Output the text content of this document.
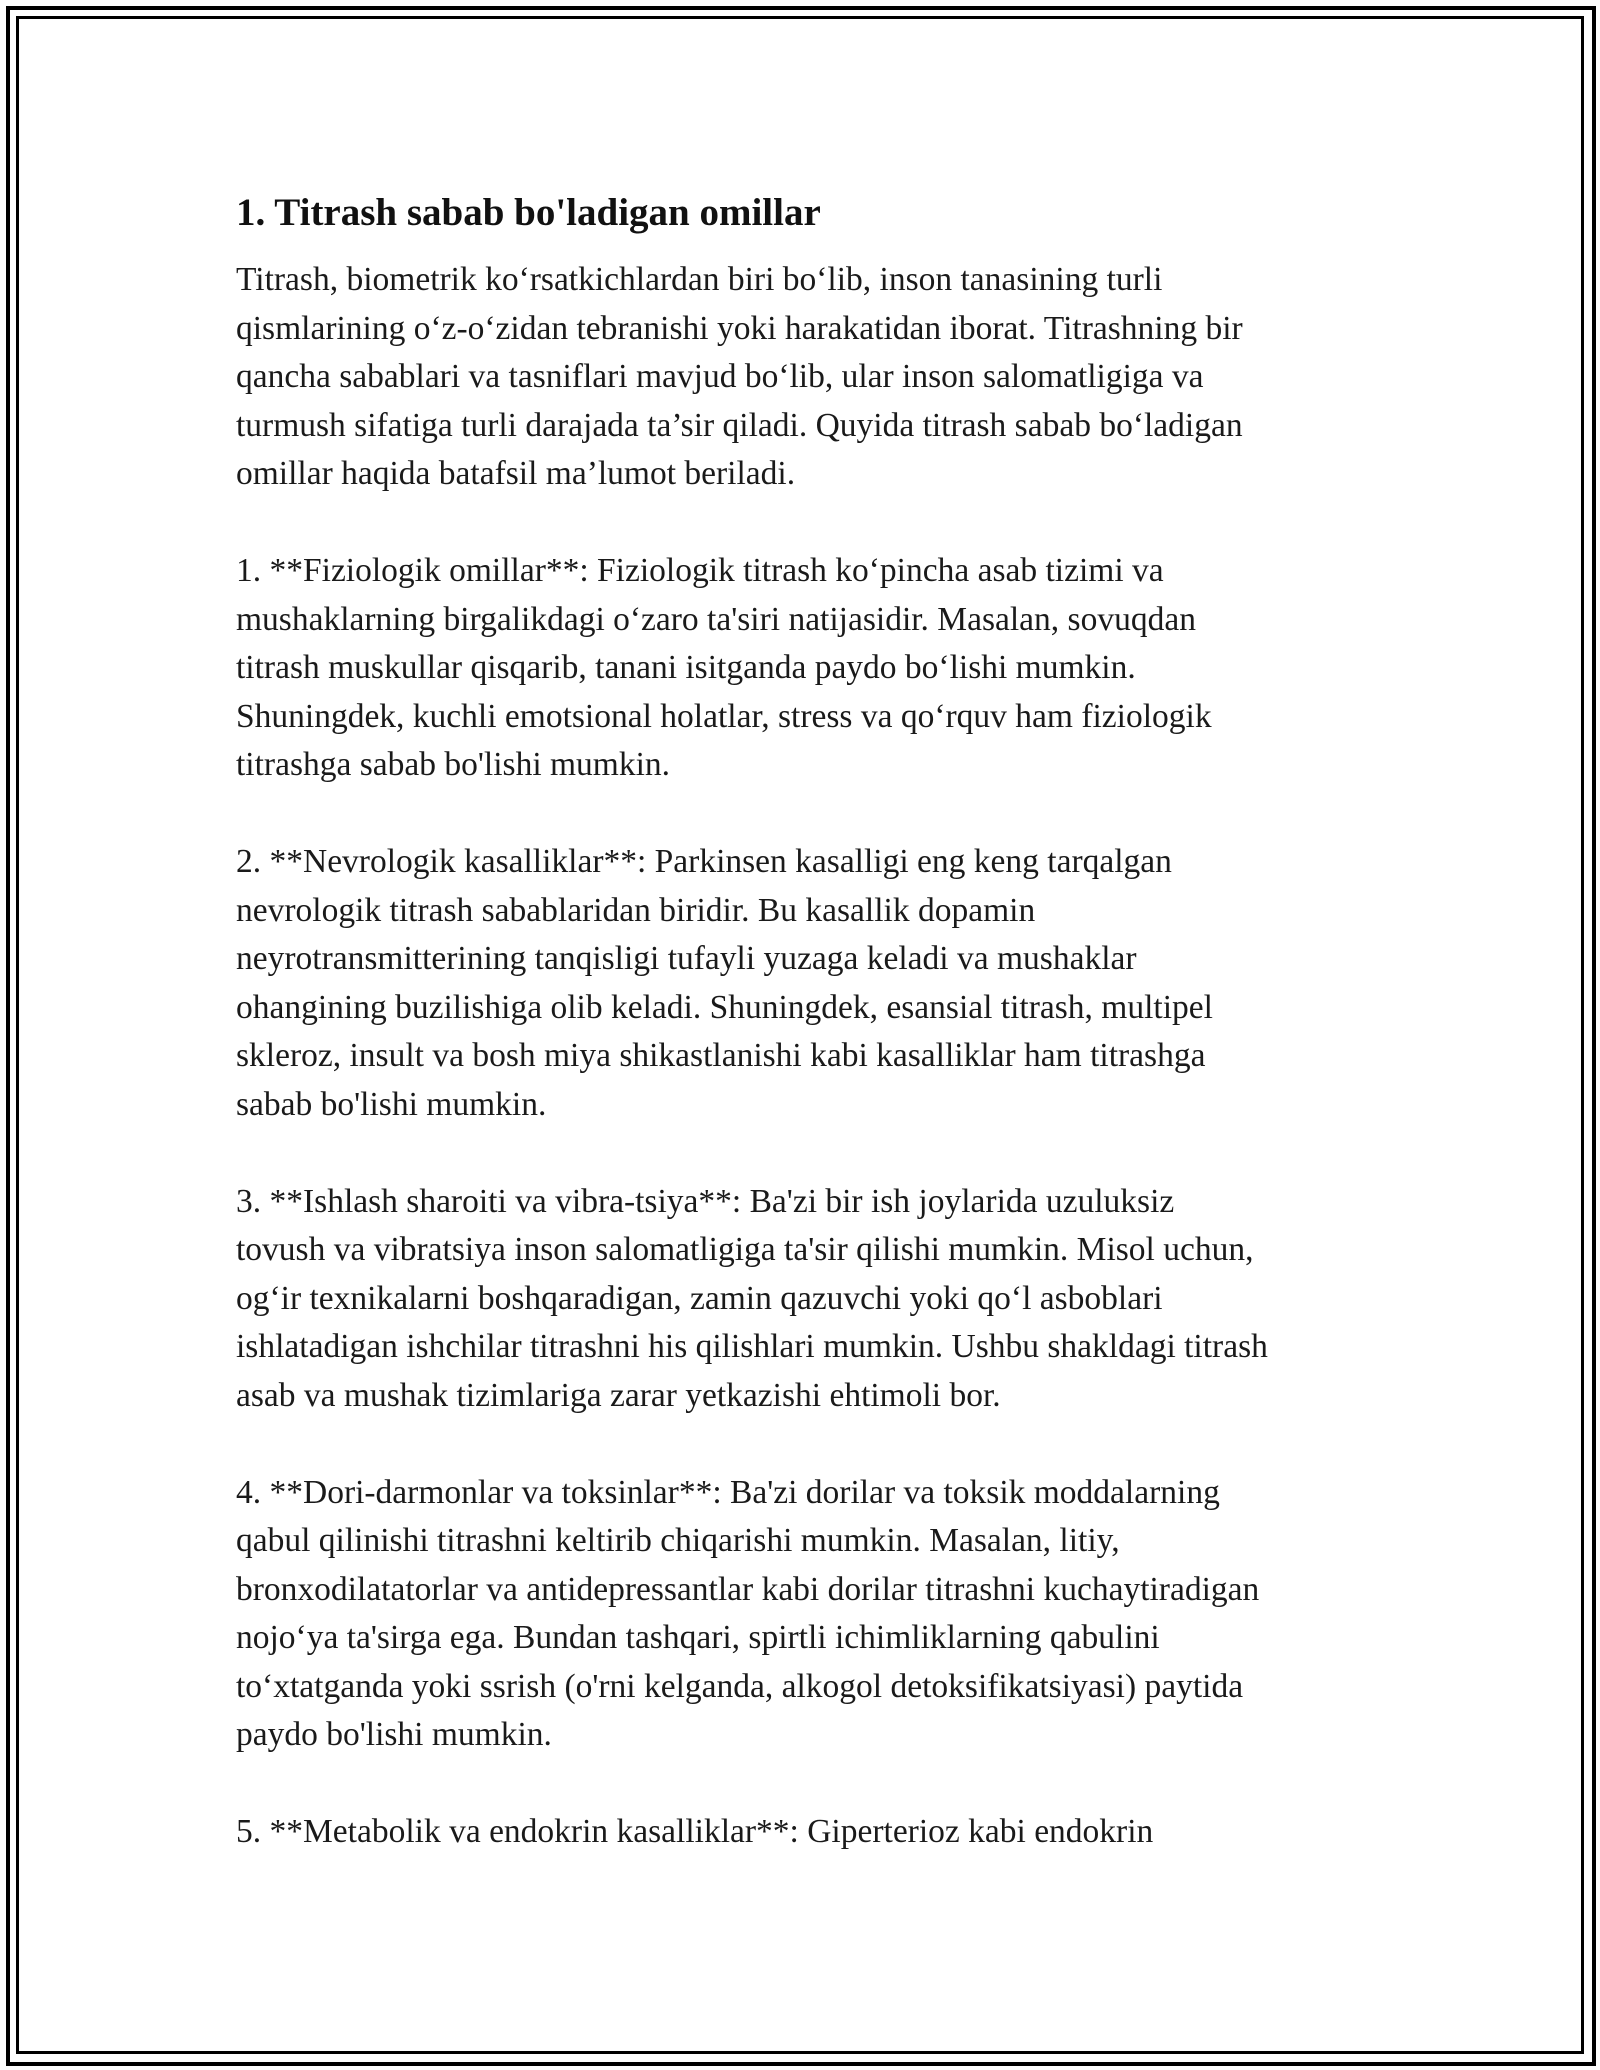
1. Titrash sabab bo'ladigan omillar
Titrash, biometrik ko‘rsatkichlardan biri bo‘lib, inson tanasining turli
qismlarining o‘z-o‘zidan tebranishi yoki harakatidan iborat. Titrashning bir
qancha sabablari va tasniflari mavjud bo‘lib, ular inson salomatligiga va
turmush sifatiga turli darajada ta’sir qiladi. Quyida titrash sabab bo‘ladigan
omillar haqida batafsil ma’lumot beriladi.
1. **Fiziologik omillar**: Fiziologik titrash ko‘pincha asab tizimi va
mushaklarning birgalikdagi o‘zaro ta'siri natijasidir. Masalan, sovuqdan
titrash muskullar qisqarib, tanani isitganda paydo bo‘lishi mumkin.
Shuningdek, kuchli emotsional holatlar, stress va qo‘rquv ham fiziologik
titrashga sabab bo'lishi mumkin.
2. **Nevrologik kasalliklar**: Parkinsen kasalligi eng keng tarqalgan
nevrologik titrash sabablaridan biridir. Bu kasallik dopamin
neyrotransmitterining tanqisligi tufayli yuzaga keladi va mushaklar
ohangining buzilishiga olib keladi. Shuningdek, esansial titrash, multipel
skleroz, insult va bosh miya shikastlanishi kabi kasalliklar ham titrashga
sabab bo'lishi mumkin.
3. **Ishlash sharoiti va vibra-tsiya**: Ba'zi bir ish joylarida uzuluksiz
tovush va vibratsiya inson salomatligiga ta'sir qilishi mumkin. Misol uchun,
og‘ir texnikalarni boshqaradigan, zamin qazuvchi yoki qo‘l asboblari
ishlatadigan ishchilar titrashni his qilishlari mumkin. Ushbu shakldagi titrash
asab va mushak tizimlariga zarar yetkazishi ehtimoli bor.
4. **Dori-darmonlar va toksinlar**: Ba'zi dorilar va toksik moddalarning
qabul qilinishi titrashni keltirib chiqarishi mumkin. Masalan, litiy,
bronxodilatatorlar va antidepressantlar kabi dorilar titrashni kuchaytiradigan
nojo‘ya ta'sirga ega. Bundan tashqari, spirtli ichimliklarning qabulini
to‘xtatganda yoki ssrish (o'rni kelganda, alkogol detoksifikatsiyasi) paytida
paydo bo'lishi mumkin.
5. **Metabolik va endokrin kasalliklar**: Giperterioz kabi endokrin
